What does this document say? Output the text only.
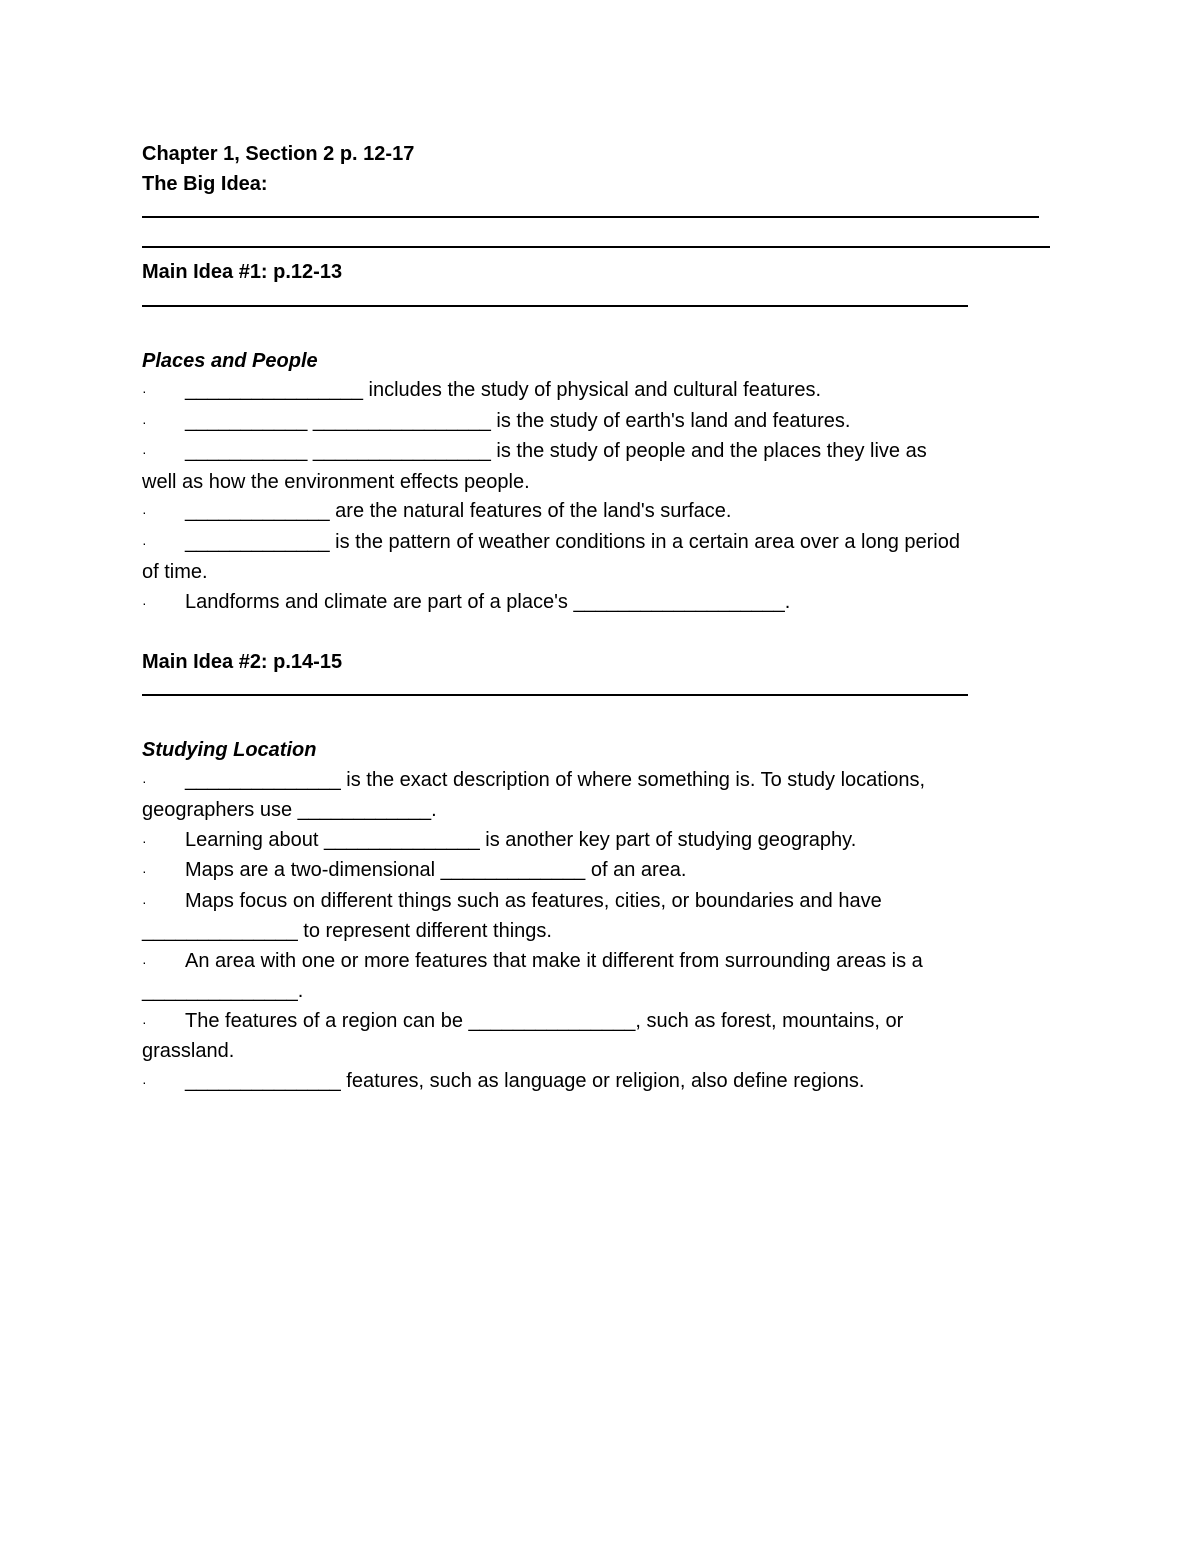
Chapter 1, Section 2 p. 12-17
The Big Idea:
Main Idea #1: p.12-13
Places and People
· ________________ includes the study of physical and cultural features.
· ___________ ________________ is the study of earth's land and features.
· ___________ ________________ is the study of people and the places they live as
well as how the environment effects people.
· _____________ are the natural features of the land's surface.
· _____________ is the pattern of weather conditions in a certain area over a long period
of time.
· Landforms and climate are part of a place's ___________________.
Main Idea #2: p.14-15
Studying Location
· ______________ is the exact description of where something is. To study locations,
geographers use ____________.
· Learning about ______________ is another key part of studying geography.
· Maps are a two-dimensional _____________ of an area.
· Maps focus on different things such as features, cities, or boundaries and have
______________ to represent different things.
· An area with one or more features that make it different from surrounding areas is a
______________.
· The features of a region can be _______________, such as forest, mountains, or
grassland.
· ______________ features, such as language or religion, also define regions.
